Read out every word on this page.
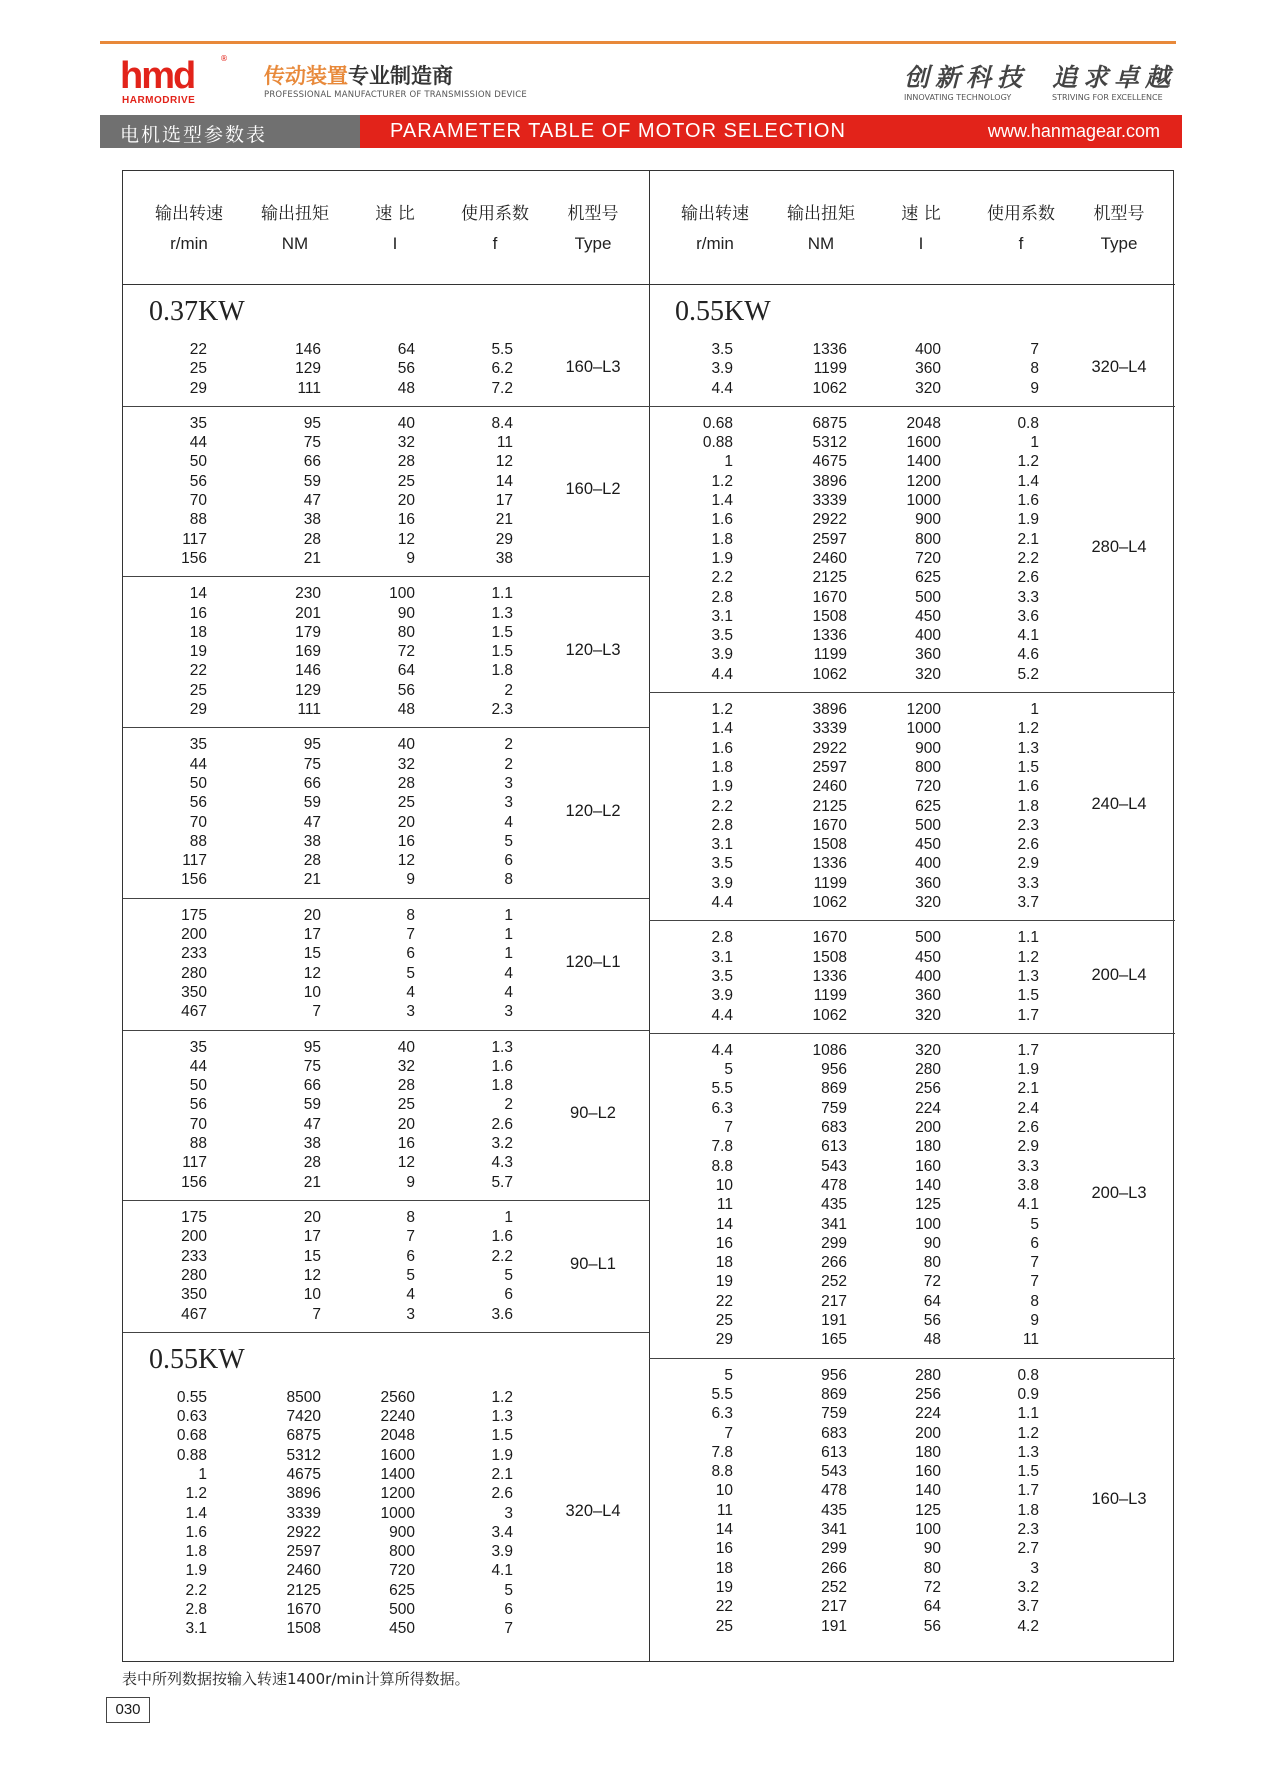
hmd	®
HARMODRIVE
传动装置专业制造商
PROFESSIONAL MANUFACTURER OF TRANSMISSION DEVICE
创新科技
INNOVATING TECHNOLOGY
追求卓越
STRIVING FOR EXCELLENCE
电机选型参数表	PARAMETER TABLE OF MOTOR SELECTION	www.hanmagear.com
输出转速
r/min
输出扭矩
NM
速 比
I
使用系数
f
机型号
Type
0.37KW
22	146	64	5.5
25	129	56	6.2
29	111	48	7.2
160–L3
35	95	40	8.4
44	75	32	11
50	66	28	12
56	59	25	14
70	47	20	17
88	38	16	21
117	28	12	29
156	21	9	38
160–L2
14	230	100	1.1
16	201	90	1.3
18	179	80	1.5
19	169	72	1.5
22	146	64	1.8
25	129	56	2
29	111	48	2.3
120–L3
35	95	40	2
44	75	32	2
50	66	28	3
56	59	25	3
70	47	20	4
88	38	16	5
117	28	12	6
156	21	9	8
120–L2
175	20	8	1
200	17	7	1
233	15	6	1
280	12	5	4
350	10	4	4
467	7	3	3
120–L1
35	95	40	1.3
44	75	32	1.6
50	66	28	1.8
56	59	25	2
70	47	20	2.6
88	38	16	3.2
117	28	12	4.3
156	21	9	5.7
90–L2
175	20	8	1
200	17	7	1.6
233	15	6	2.2
280	12	5	5
350	10	4	6
467	7	3	3.6
90–L1
0.55KW
0.55	8500	2560	1.2
0.63	7420	2240	1.3
0.68	6875	2048	1.5
0.88	5312	1600	1.9
1	4675	1400	2.1
1.2	3896	1200	2.6
1.4	3339	1000	3
1.6	2922	900	3.4
1.8	2597	800	3.9
1.9	2460	720	4.1
2.2	2125	625	5
2.8	1670	500	6
3.1	1508	450	7
320–L4
输出转速
r/min
输出扭矩
NM
速 比
I
使用系数
f
机型号
Type
0.55KW
3.5	1336	400	7
3.9	1199	360	8
4.4	1062	320	9
320–L4
0.68	6875	2048	0.8
0.88	5312	1600	1
1	4675	1400	1.2
1.2	3896	1200	1.4
1.4	3339	1000	1.6
1.6	2922	900	1.9
1.8	2597	800	2.1
1.9	2460	720	2.2
2.2	2125	625	2.6
2.8	1670	500	3.3
3.1	1508	450	3.6
3.5	1336	400	4.1
3.9	1199	360	4.6
4.4	1062	320	5.2
280–L4
1.2	3896	1200	1
1.4	3339	1000	1.2
1.6	2922	900	1.3
1.8	2597	800	1.5
1.9	2460	720	1.6
2.2	2125	625	1.8
2.8	1670	500	2.3
3.1	1508	450	2.6
3.5	1336	400	2.9
3.9	1199	360	3.3
4.4	1062	320	3.7
240–L4
2.8	1670	500	1.1
3.1	1508	450	1.2
3.5	1336	400	1.3
3.9	1199	360	1.5
4.4	1062	320	1.7
200–L4
4.4	1086	320	1.7
5	956	280	1.9
5.5	869	256	2.1
6.3	759	224	2.4
7	683	200	2.6
7.8	613	180	2.9
8.8	543	160	3.3
10	478	140	3.8
11	435	125	4.1
14	341	100	5
16	299	90	6
18	266	80	7
19	252	72	7
22	217	64	8
25	191	56	9
29	165	48	11
200–L3
5	956	280	0.8
5.5	869	256	0.9
6.3	759	224	1.1
7	683	200	1.2
7.8	613	180	1.3
8.8	543	160	1.5
10	478	140	1.7
11	435	125	1.8
14	341	100	2.3
16	299	90	2.7
18	266	80	3
19	252	72	3.2
22	217	64	3.7
25	191	56	4.2
160–L3
表中所列数据按输入转速1400r/min计算所得数据。
030
